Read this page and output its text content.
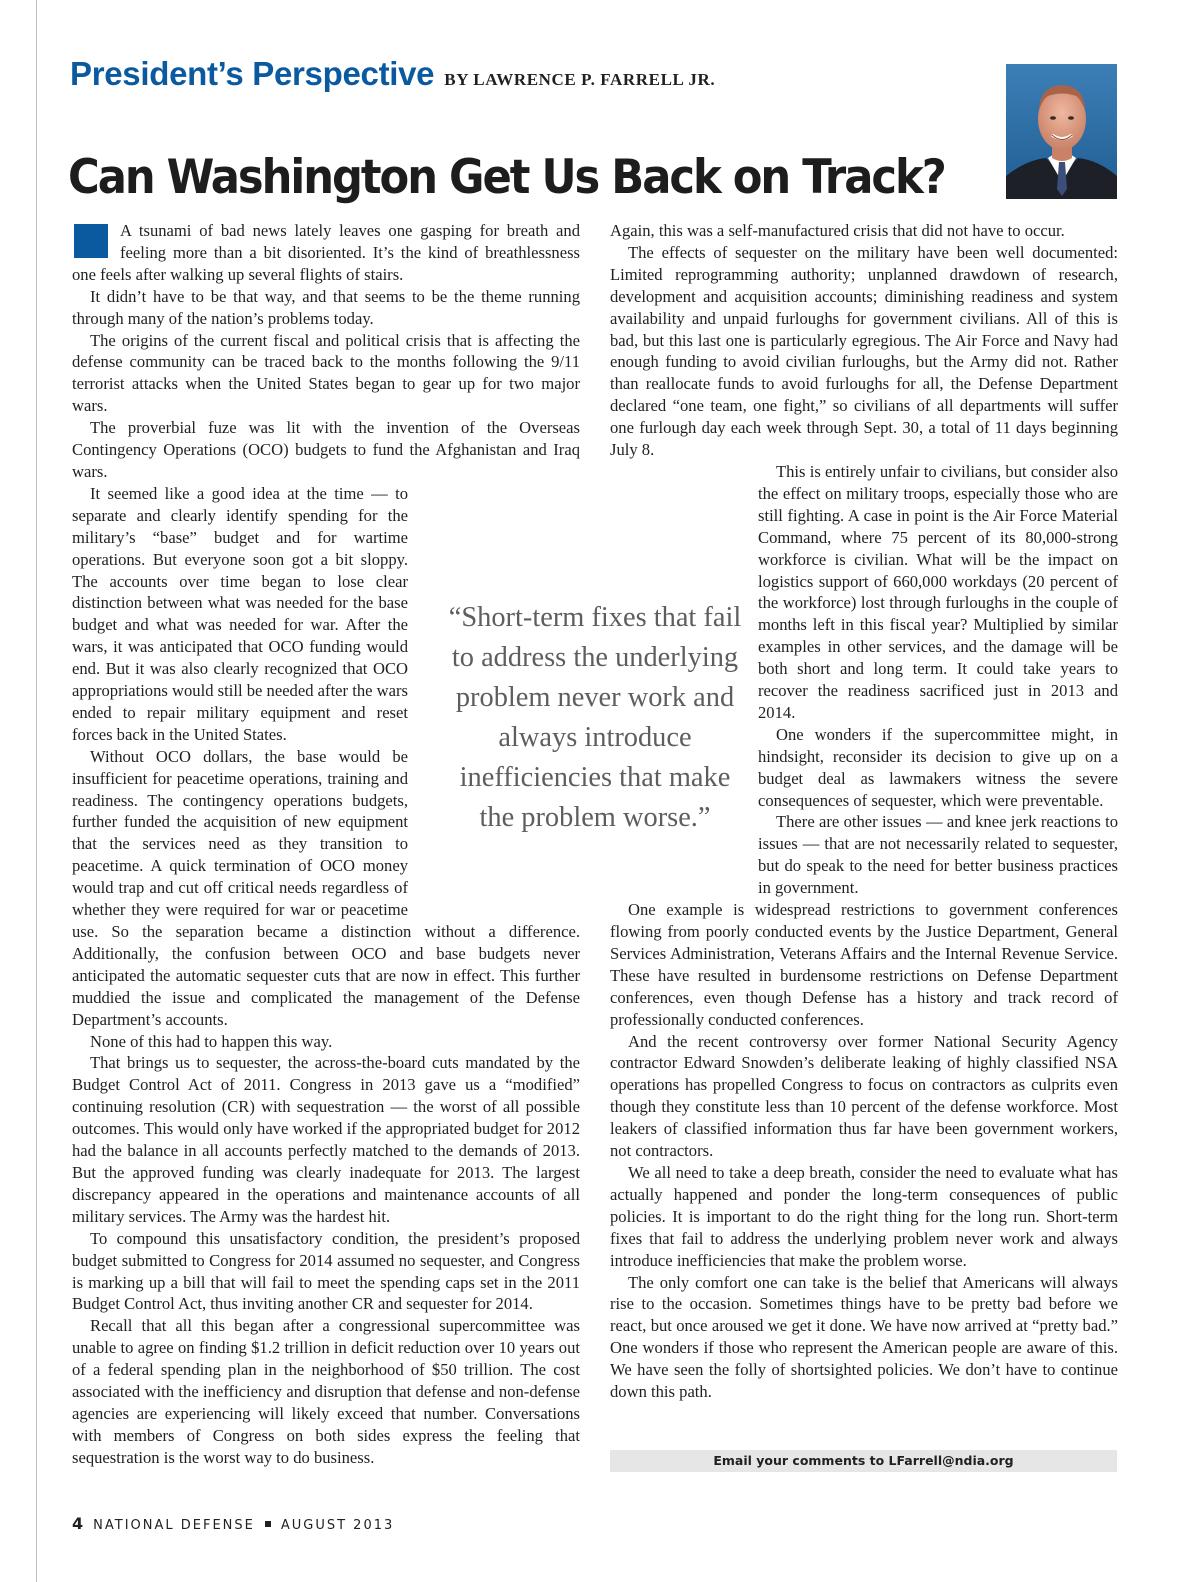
President’s Perspective BY LAWRENCE P. FARRELL JR.
Can Washington Get Us Back on Track?
“Short-term fixes that fail to address the underlying problem never work and always introduce inefficiencies that make the problem worse.”

A tsunami of bad news lately leaves one gasping for breath and feeling more than a bit disoriented. It’s the kind of breathlessness one feels after walking up several flights of stairs.

It didn’t have to be that way, and that seems to be the theme running through many of the nation’s problems today.

The origins of the current fiscal and political crisis that is affecting the defense community can be traced back to the months following the 9/11 terrorist attacks when the United States began to gear up for two major wars.

The proverbial fuze was lit with the invention of the Overseas Contingency Operations (OCO) budgets to fund the Afghanistan and Iraq wars.

It seemed like a good idea at the time — to separate and clearly identify spending for the military’s “base” budget and for wartime operations. But everyone soon got a bit sloppy. The accounts over time began to lose clear distinction between what was needed for the base budget and what was needed for war. After the wars, it was anticipated that OCO funding would end. But it was also clearly recognized that OCO appropriations would still be needed after the wars ended to repair military equipment and reset forces back in the United States.

Without OCO dollars, the base would be insufficient for peacetime operations, training and readiness. The contingency operations budgets, further funded the acquisition of new equipment that the services need as they transition to peacetime. A quick termination of OCO money would trap and cut off critical needs regardless of whether they were required for war or peacetime use. So the separation became a distinction without a difference. Additionally, the confusion between OCO and base budgets never anticipated the automatic sequester cuts that are now in effect. This further muddied the issue and complicated the management of the Defense Department’s accounts.

None of this had to happen this way.

That brings us to sequester, the across-the-board cuts mandated by the Budget Control Act of 2011. Congress in 2013 gave us a “modified” continuing resolution (CR) with sequestration — the worst of all possible outcomes. This would only have worked if the appropriated budget for 2012 had the balance in all accounts perfectly matched to the demands of 2013. But the approved funding was clearly inadequate for 2013. The largest discrepancy appeared in the operations and maintenance accounts of all military services. The Army was the hardest hit.

To compound this unsatisfactory condition, the president’s proposed budget submitted to Congress for 2014 assumed no sequester, and Congress is marking up a bill that will fail to meet the spending caps set in the 2011 Budget Control Act, thus inviting another CR and sequester for 2014.

Recall that all this began after a congressional supercommittee was unable to agree on finding $1.2 trillion in deficit reduction over 10 years out of a federal spending plan in the neighborhood of $50 trillion. The cost associated with the inefficiency and disruption that defense and non-defense agencies are experiencing will likely exceed that number. Conversations with members of Congress on both sides express the feeling that sequestration is the worst way to do business.

Again, this was a self-manufactured crisis that did not have to occur.

The effects of sequester on the military have been well documented: Limited reprogramming authority; unplanned drawdown of research, development and acquisition accounts; diminishing readiness and system availability and unpaid furloughs for government civilians. All of this is bad, but this last one is particularly egregious. The Air Force and Navy had enough funding to avoid civilian furloughs, but the Army did not. Rather than reallocate funds to avoid furloughs for all, the Defense Department declared “one team, one fight,” so civilians of all departments will suffer one furlough day each week through Sept. 30, a total of 11 days beginning July 8.

This is entirely unfair to civilians, but consider also the effect on military troops, especially those who are still fighting. A case in point is the Air Force Material Command, where 75 percent of its 80,000-strong workforce is civilian. What will be the impact on logistics support of 660,000 workdays (20 percent of the workforce) lost through furloughs in the couple of months left in this fiscal year? Multiplied by similar examples in other services, and the damage will be both short and long term. It could take years to recover the readiness sacrificed just in 2013 and 2014.

One wonders if the supercommittee might, in hindsight, reconsider its decision to give up on a budget deal as lawmakers witness the severe consequences of sequester, which were preventable.

There are other issues — and knee jerk reactions to issues — that are not necessarily related to sequester, but do speak to the need for better business practices in government.

One example is widespread restrictions to government conferences flowing from poorly conducted events by the Justice Department, General Services Administration, Veterans Affairs and the Internal Revenue Service. These have resulted in burdensome restrictions on Defense Department conferences, even though Defense has a history and track record of professionally conducted conferences.

And the recent controversy over former National Security Agency contractor Edward Snowden’s deliberate leaking of highly classified NSA operations has propelled Congress to focus on contractors as culprits even though they constitute less than 10 percent of the defense workforce. Most leakers of classified information thus far have been government workers, not contractors.

We all need to take a deep breath, consider the need to evaluate what has actually happened and ponder the long-term consequences of public policies. It is important to do the right thing for the long run. Short-term fixes that fail to address the underlying problem never work and always introduce inefficiencies that make the problem worse.

The only comfort one can take is the belief that Americans will always rise to the occasion. Sometimes things have to be pretty bad before we react, but once aroused we get it done. We have now arrived at “pretty bad.” One wonders if those who represent the American people are aware of this. We have seen the folly of shortsighted policies. We don’t have to continue down this path.

Email your comments to LFarrell@ndia.org
4 NATIONAL DEFENSE AUGUST 2013
